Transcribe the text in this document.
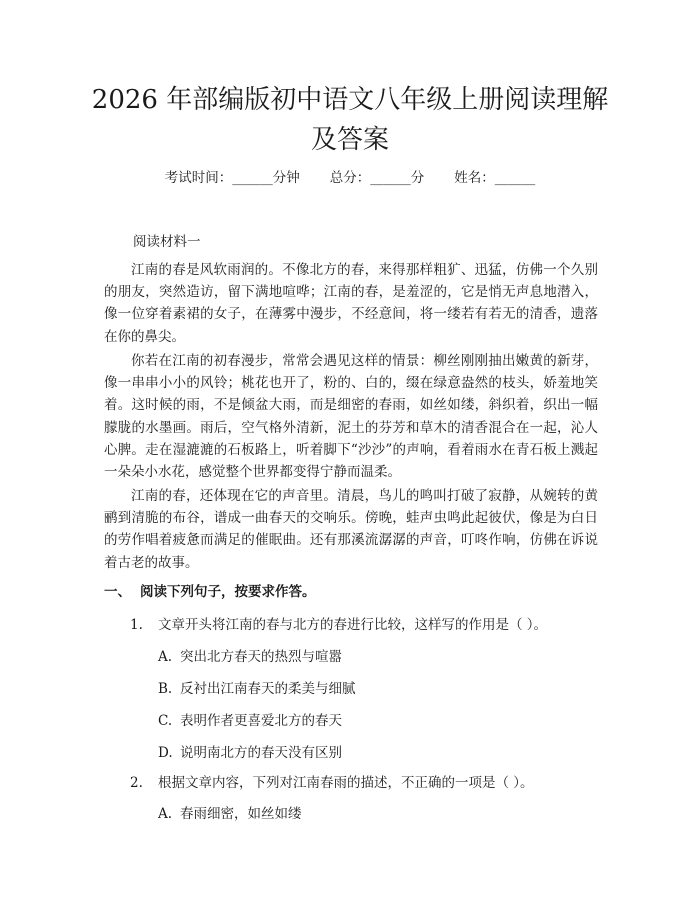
2026 年部编版初中语文八年级上册阅读理解及答案
考试时间：______分钟 总分：______分 姓名：______
阅读材料一

江南的春是风软雨润的。不像北方的春，来得那样粗犷、迅猛，仿佛一个久别的朋友，突然造访，留下满地喧哗；江南的春，是羞涩的，它是悄无声息地潜入，像一位穿着素裙的女子，在薄雾中漫步，不经意间，将一缕若有若无的清香，遗落在你的鼻尖。

你若在江南的初春漫步，常常会遇见这样的情景：柳丝刚刚抽出嫩黄的新芽，像一串串小小的风铃；桃花也开了，粉的、白的，缀在绿意盎然的枝头，娇羞地笑着。这时候的雨，不是倾盆大雨，而是细密的春雨，如丝如缕，斜织着，织出一幅朦胧的水墨画。雨后，空气格外清新，泥土的芬芳和草木的清香混合在一起，沁人心脾。走在湿漉漉的石板路上，听着脚下“沙沙”的声响，看着雨水在青石板上溅起一朵朵小水花，感觉整个世界都变得宁静而温柔。

江南的春，还体现在它的声音里。清晨，鸟儿的鸣叫打破了寂静，从婉转的黄鹂到清脆的布谷，谱成一曲春天的交响乐。傍晚，蛙声虫鸣此起彼伏，像是为白日的劳作唱着疲惫而满足的催眠曲。还有那溪流潺潺的声音，叮咚作响，仿佛在诉说着古老的故事。

一、 阅读下列句子，按要求作答。
1. 文章开头将江南的春与北方的春进行比较，这样写的作用是（ ）。
A. 突出北方春天的热烈与喧嚣
B. 反衬出江南春天的柔美与细腻
C. 表明作者更喜爱北方的春天
D. 说明南北方的春天没有区别
2. 根据文章内容，下列对江南春雨的描述，不正确的一项是（ ）。
A. 春雨细密，如丝如缕
